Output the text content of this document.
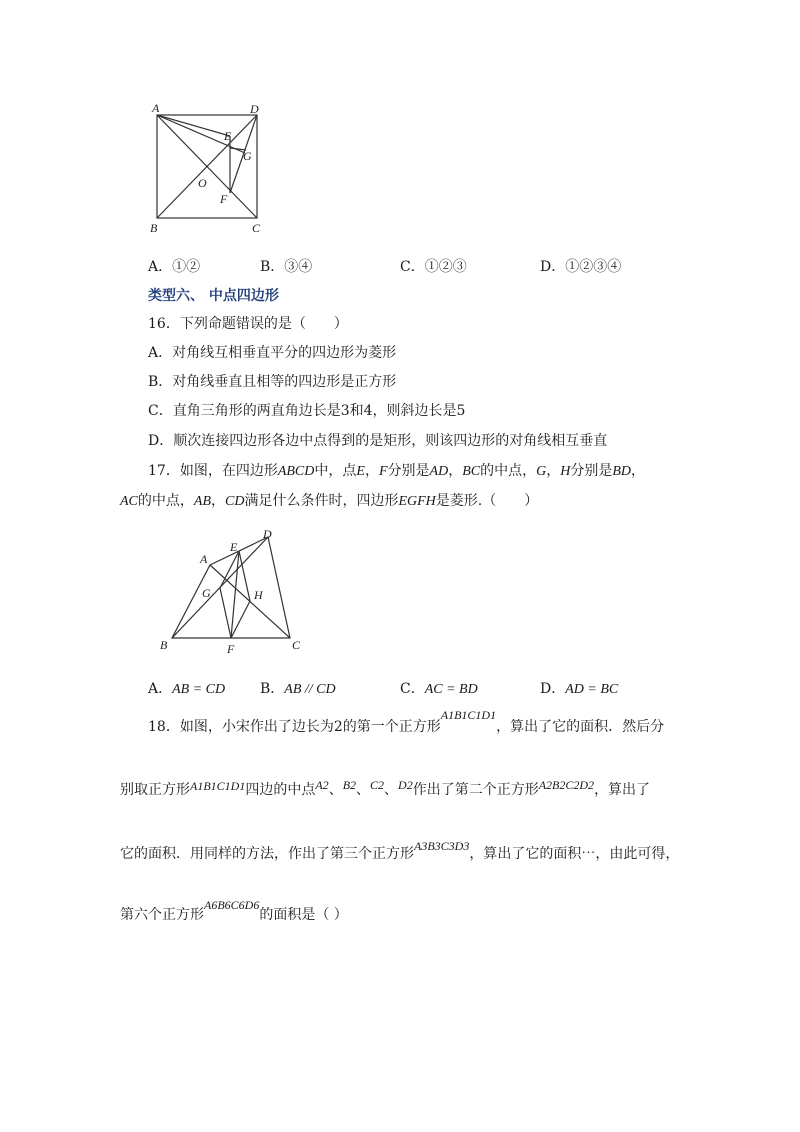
A	D
E
G
O
F
B	C
A．①②	B．③④	C．①②③	D．①②③④
类型六、 中点四边形
16．下列命题错误的是（　　）
A．对角线互相垂直平分的四边形为菱形
B．对角线垂直且相等的四边形是正方形
C．直角三角形的两直角边长是3和4，则斜边长是5
D．顺次连接四边形各边中点得到的是矩形，则该四边形的对角线相互垂直
17．如图，在四边形ABCD中，点E，F分别是AD，BC的中点，G，H分别是BD，
AC的中点，AB，CD满足什么条件时，四边形EGFH是菱形.（　　）
A
E
D
G	H
B	F	C
A．AB = CD B．AB // CD	C．AC = BD	D．AD = BC
18．如图，小宋作出了边长为2的第一个正方形A1B1C1D1，算出了它的面积．然后分
别取正方形A1B1C1D1四边的中点A2、B2、C2、D2作出了第二个正方形A2B2C2D2，算出了
它的面积．用同样的方法，作出了第三个正方形A3B3C3D3，算出了它的面积⋯，由此可得，
第六个正方形A6B6C6D6的面积是（ ）
